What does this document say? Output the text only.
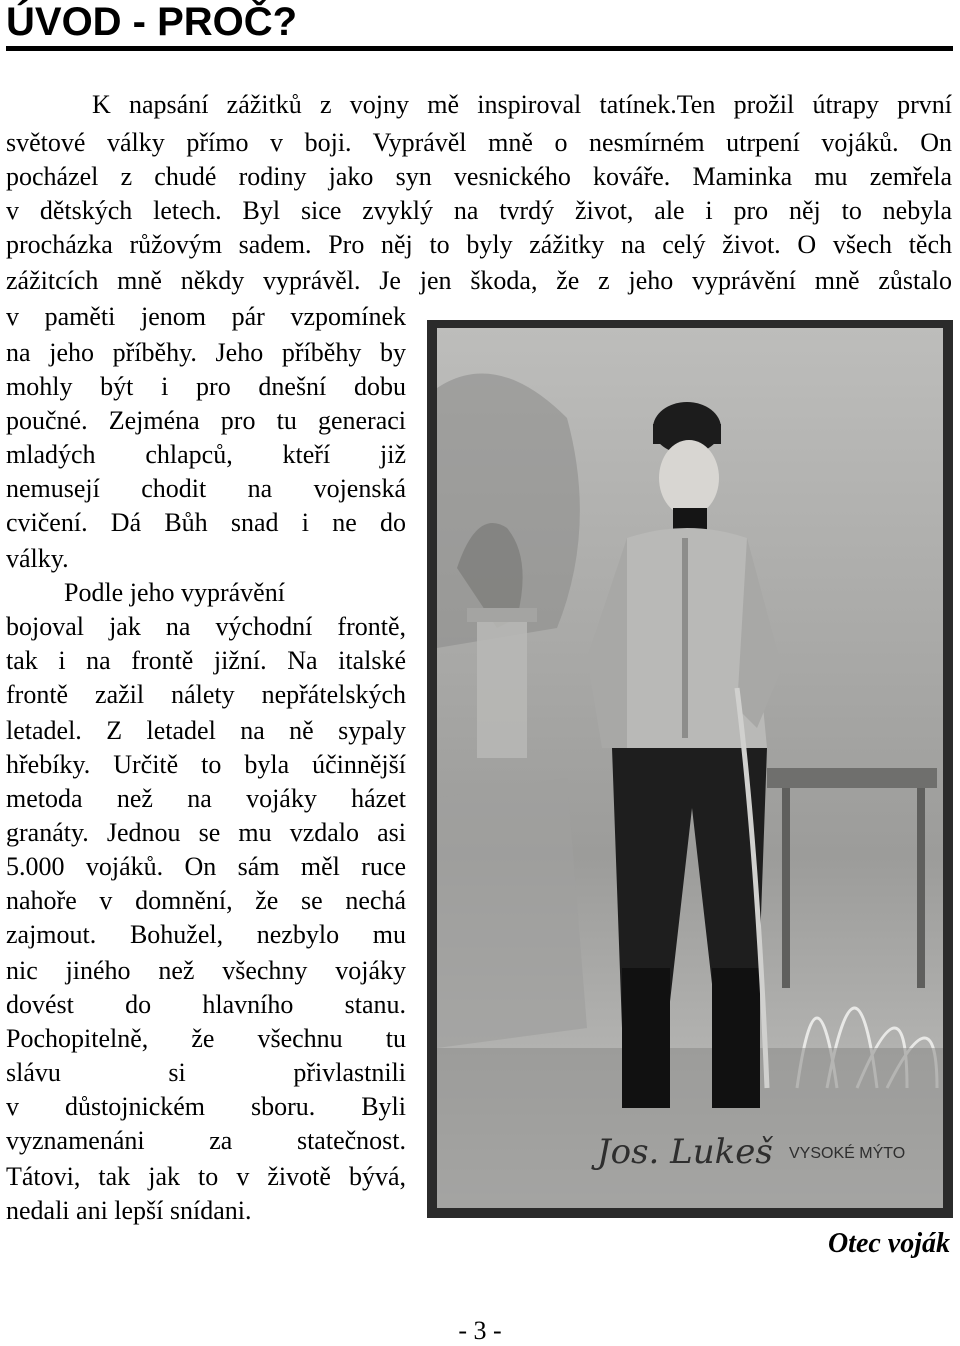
ÚVOD - PROČ?

K napsání zážitků z vojny mě inspiroval tatínek.Ten prožil útrapy první

světové války přímo v boji. Vyprávěl mně o nesmírném utrpení vojáků. On

pocházel z chudé rodiny jako syn vesnického kováře. Maminka mu zemřela

v dětských letech. Byl sice zvyklý na tvrdý život, ale i pro něj to nebyla

procházka růžovým sadem. Pro něj to byly zážitky na celý život. O všech těch

zážitcích mně někdy vyprávěl. Je jen škoda, že z jeho vyprávění mně zůstalo

v paměti jenom pár vzpomínek

na jeho příběhy. Jeho příběhy by

mohly být i pro dnešní dobu

poučné. Zejména pro tu generaci

mladých chlapců, kteří již

nemusejí chodit na vojenská

cvičení. Dá Bůh snad i ne do

války.

Podle jeho vyprávění

bojoval jak na východní frontě,

tak i na frontě jižní. Na italské

frontě zažil nálety nepřátelských

letadel. Z letadel na ně sypaly

hřebíky. Určitě to byla účinnější

metoda než na vojáky házet

granáty. Jednou se mu vzdalo asi

5.000 vojáků. On sám měl ruce

nahoře v domnění, že se nechá

zajmout. Bohužel, nezbylo mu

nic jiného než všechny vojáky

dovést do hlavního stanu.

Pochopitelně, že všechnu tu

slávu si přivlastnili

v důstojnickém sboru. Byli

vyznamenáni za statečnost.

Tátovi, tak jak to v životě bývá,

nedali ani lepší snídani.

Jos. Lukeš VYSOKÉ MÝTO
Otec voják
- 3 -
